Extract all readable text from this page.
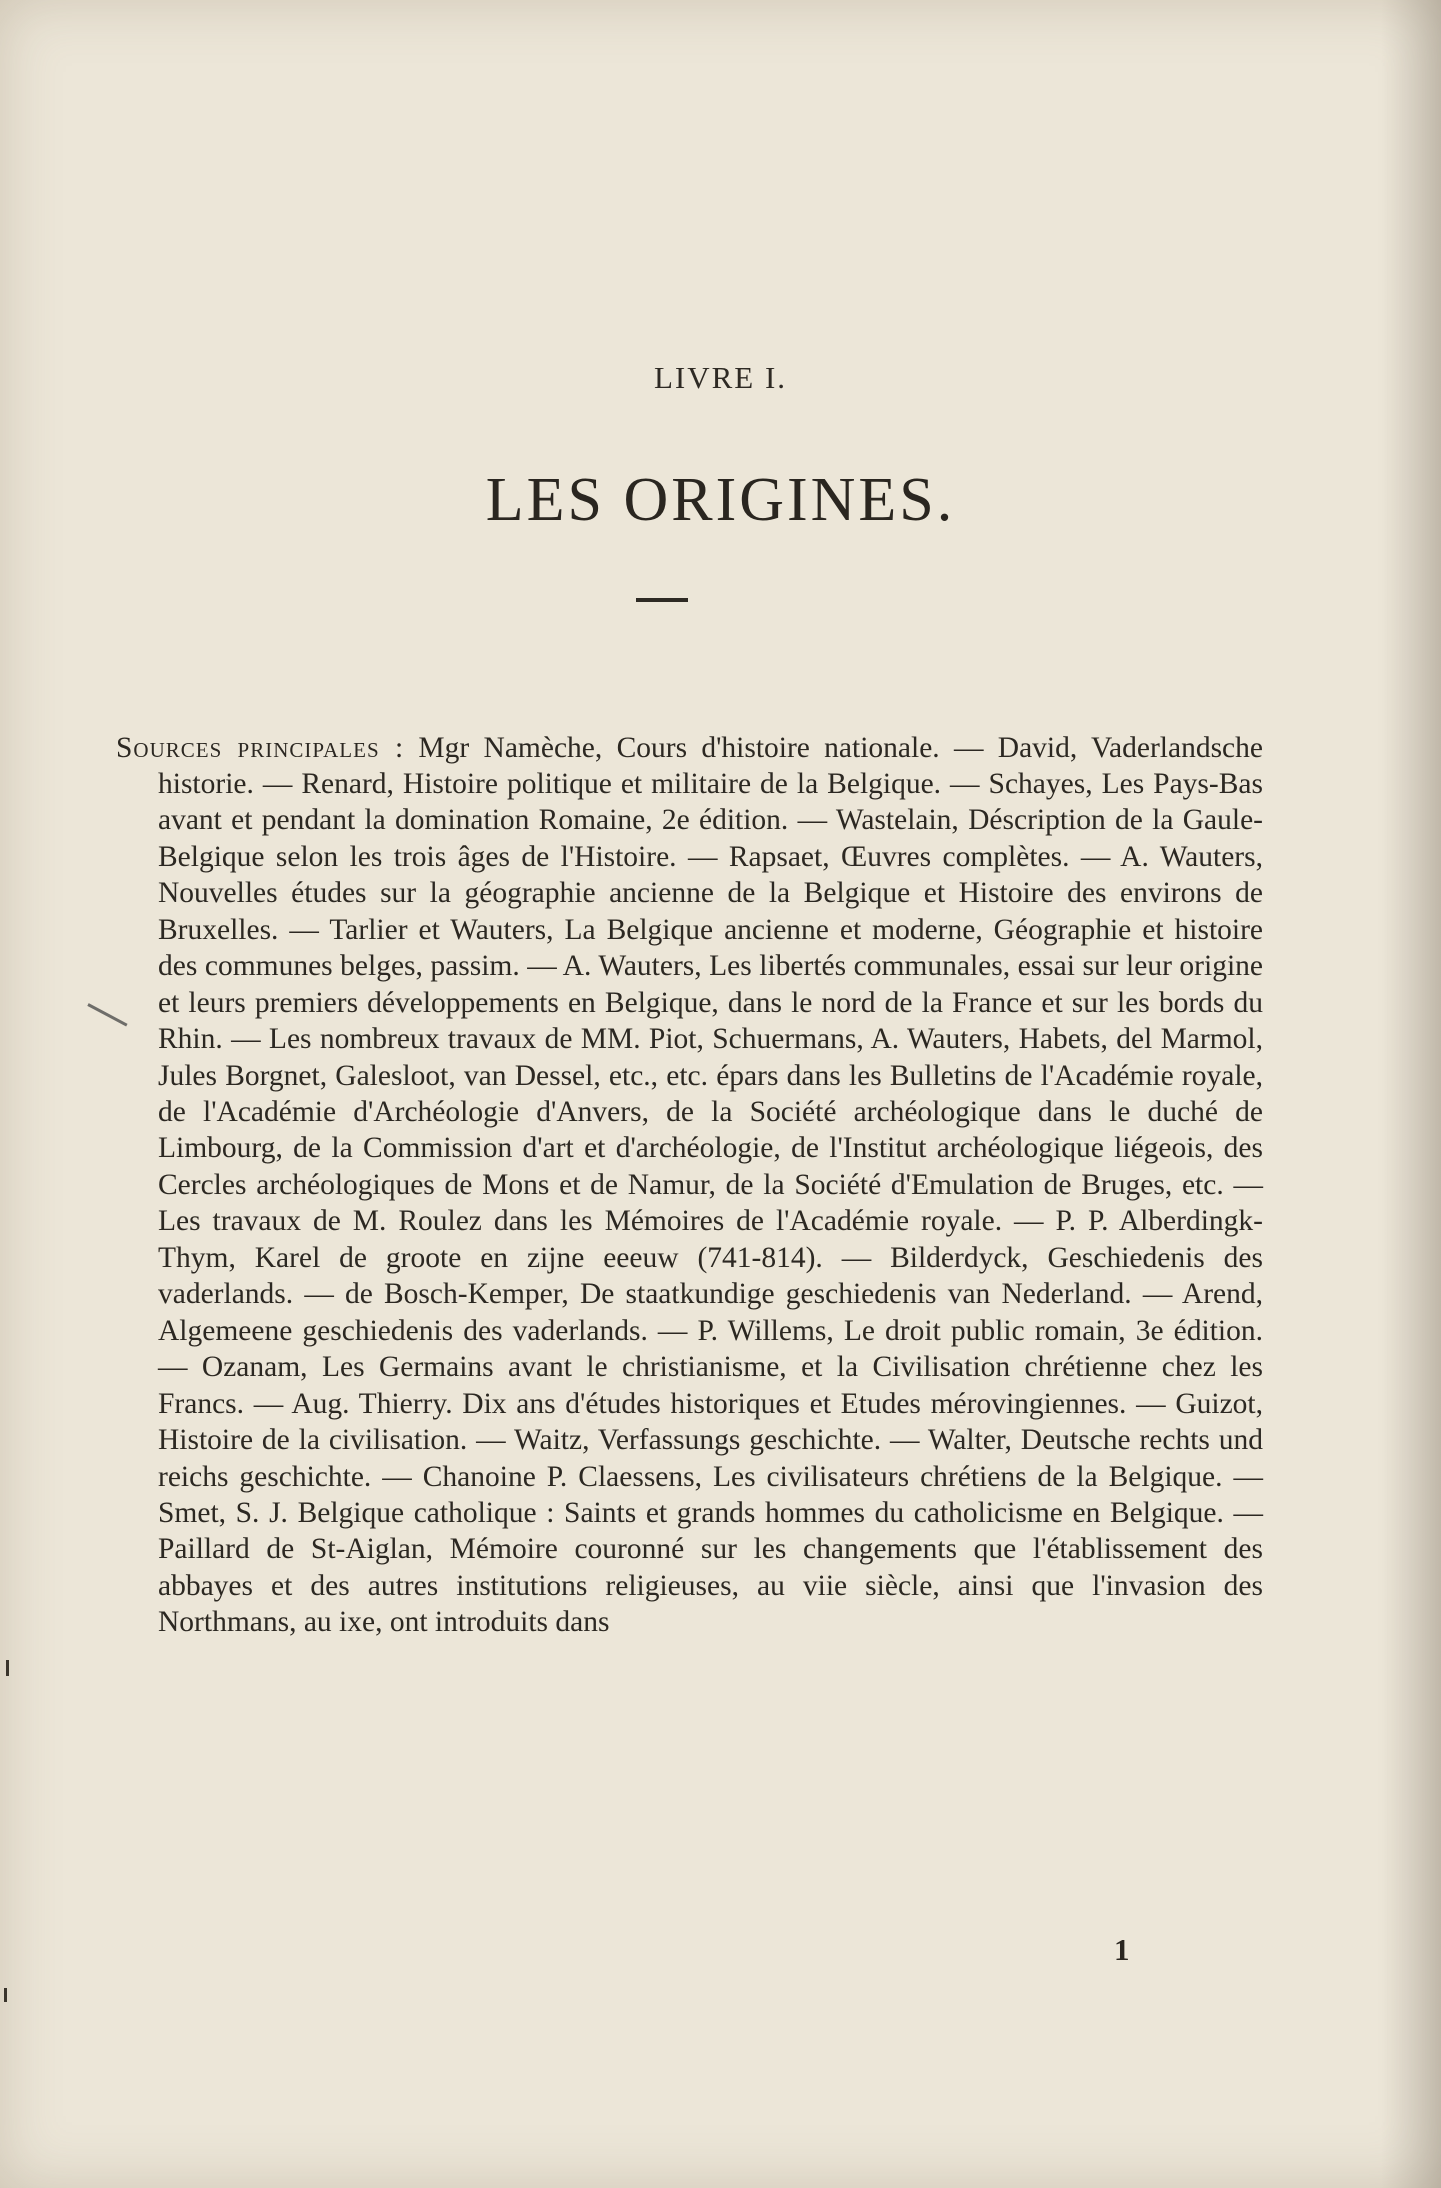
LIVRE I.
LES ORIGINES.

Sources principales : Mgr Namèche, Cours d'histoire nationale. — David, Vaderlandsche historie. — Renard, Histoire politique et militaire de la Belgique. — Schayes, Les Pays-Bas avant et pendant la domination Romaine, 2e édition. — Wastelain, Déscription de la Gaule-Belgique selon les trois âges de l'Histoire. — Rapsaet, Œuvres complètes. — A. Wauters, Nouvelles études sur la géographie ancienne de la Belgique et Histoire des environs de Bruxelles. — Tarlier et Wauters, La Belgique ancienne et moderne, Géographie et histoire des communes belges, passim. — A. Wauters, Les libertés communales, essai sur leur origine et leurs premiers développements en Belgique, dans le nord de la France et sur les bords du Rhin. — Les nombreux travaux de MM. Piot, Schuermans, A. Wauters, Habets, del Marmol, Jules Borgnet, Galesloot, van Dessel, etc., etc. épars dans les Bulletins de l'Académie royale, de l'Académie d'Archéologie d'Anvers, de la Société archéologique dans le duché de Limbourg, de la Commission d'art et d'archéologie, de l'Institut archéologique liégeois, des Cercles archéologiques de Mons et de Namur, de la Société d'Emulation de Bruges, etc. — Les travaux de M. Roulez dans les Mémoires de l'Académie royale. — P. P. Alberdingk-Thym, Karel de groote en zijne eeeuw (741-814). — Bilderdyck, Geschiedenis des vaderlands. — de Bosch-Kemper, De staatkundige geschiedenis van Nederland. — Arend, Algemeene geschiedenis des vaderlands. — P. Willems, Le droit public romain, 3e édition. — Ozanam, Les Germains avant le christianisme, et la Civilisation chrétienne chez les Francs. — Aug. Thierry. Dix ans d'études historiques et Etudes mérovingiennes. — Guizot, Histoire de la civilisation. — Waitz, Verfassungs geschichte. — Walter, Deutsche rechts und reichs geschichte. — Chanoine P. Claessens, Les civilisateurs chrétiens de la Belgique. — Smet, S. J. Belgique catholique : Saints et grands hommes du catholicisme en Belgique. — Paillard de St-Aiglan, Mémoire couronné sur les changements que l'établissement des abbayes et des autres institutions religieuses, au viie siècle, ainsi que l'invasion des Northmans, au ixe, ont introduits dans

1
